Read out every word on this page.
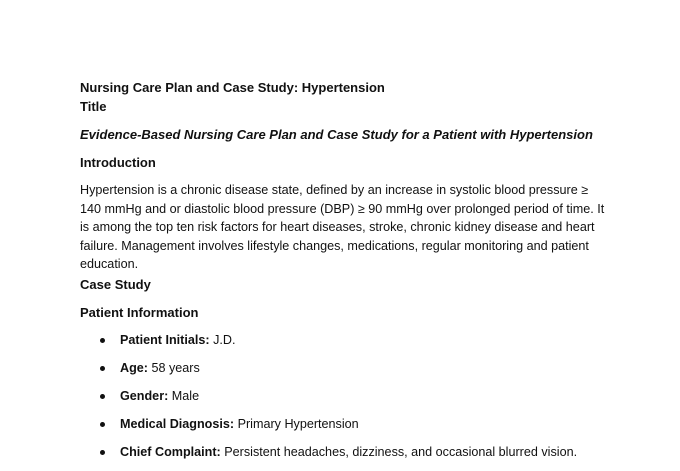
Nursing Care Plan and Case Study: Hypertension

Title

Evidence-Based Nursing Care Plan and Case Study for a Patient with Hypertension

Introduction

Hypertension is a chronic disease state, defined by an increase in systolic blood pressure ≥ 140 mmHg and or diastolic blood pressure (DBP) ≥ 90 mmHg over prolonged period of time. It is among the top ten risk factors for heart diseases, stroke, chronic kidney disease and heart failure. Management involves lifestyle changes, medications, regular monitoring and patient education.

Case Study

Patient Information

Patient Initials: J.D.
Age: 58 years
Gender: Male
Medical Diagnosis: Primary Hypertension
Chief Complaint: Persistent headaches, dizziness, and occasional blurred vision.
